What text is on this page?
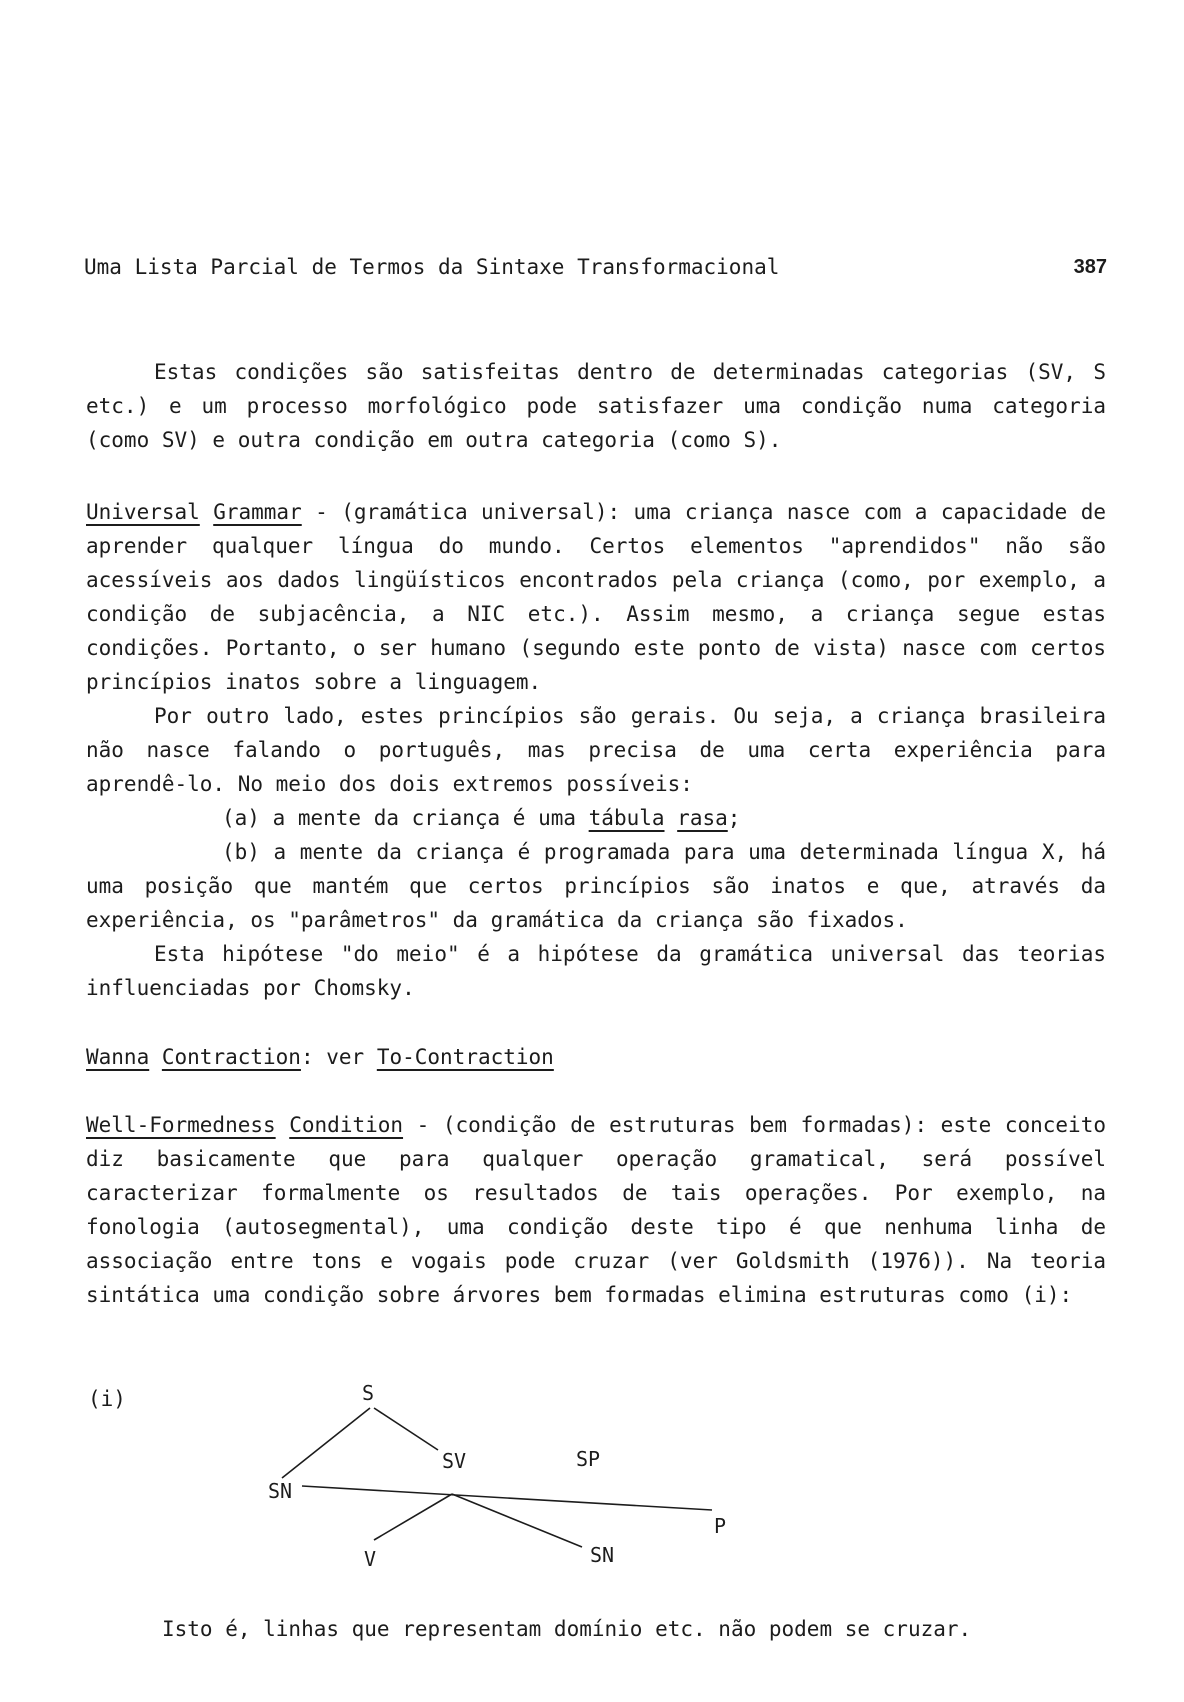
Uma Lista Parcial de Termos da Sintaxe Transformacional	387

Estas condições são satisfeitas dentro de determinadas categorias (SV, S etc.) e um processo morfológico pode satisfazer uma condição numa categoria (como SV) e outra condição em outra categoria (como S).

Universal Grammar - (gramática universal): uma criança nasce com a capacidade de aprender qualquer língua do mundo. Certos elementos "aprendidos" não são acessíveis aos dados lingüísticos encontrados pela criança (como, por exemplo, a condição de subjacência, a NIC etc.). Assim mesmo, a criança segue estas condições. Portanto, o ser humano (segundo este ponto de vista) nasce com certos princípios inatos sobre a linguagem.

Por outro lado, estes princípios são gerais. Ou seja, a criança brasileira não nasce falando o português, mas precisa de uma certa experiência para aprendê-lo. No meio dos dois extremos possíveis:

(a) a mente da criança é uma tábula rasa;

(b) a mente da criança é programada para uma determinada língua X, há uma posição que mantém que certos princípios são inatos e que, através da experiência, os "parâmetros" da gramática da criança são fixados.

Esta hipótese "do meio" é a hipótese da gramática universal das teorias influenciadas por Chomsky.

Wanna Contraction: ver To-Contraction

Well-Formedness Condition - (condição de estruturas bem formadas): este conceito diz basicamente que para qualquer operação gramatical, será possível caracterizar formalmente os resultados de tais operações. Por exemplo, na fonologia (autosegmental), uma condição deste tipo é que nenhuma linha de associação entre tons e vogais pode cruzar (ver Goldsmith (1976)). Na teoria sintática uma condição sobre árvores bem formadas elimina estruturas como (i):

(i)	S
SV	SP
SN
P
V	SN
Isto é, linhas que representam domínio etc. não podem se cruzar.
